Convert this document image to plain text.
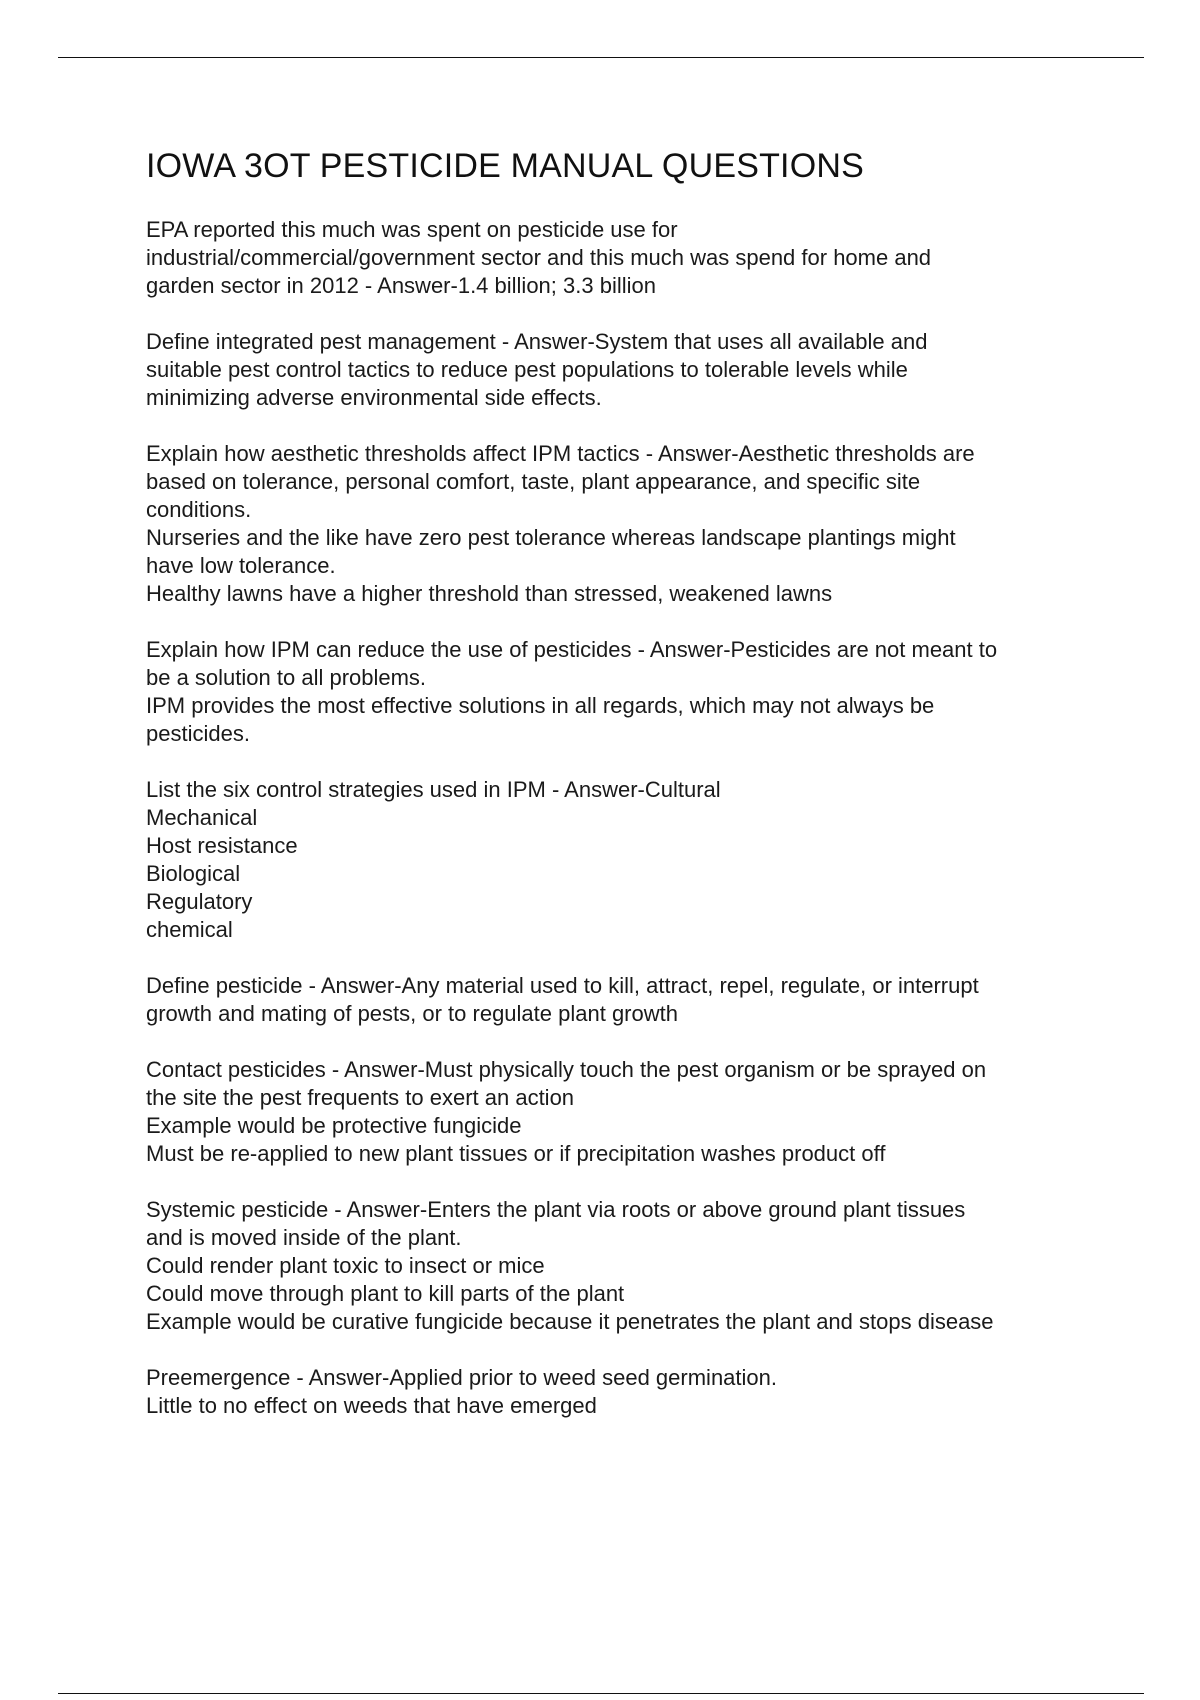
IOWA 3OT PESTICIDE MANUAL QUESTIONS

EPA reported this much was spent on pesticide use for
industrial/commercial/government sector and this much was spend for home and
garden sector in 2012 - Answer-1.4 billion; 3.3 billion

Define integrated pest management - Answer-System that uses all available and
suitable pest control tactics to reduce pest populations to tolerable levels while
minimizing adverse environmental side effects.

Explain how aesthetic thresholds affect IPM tactics - Answer-Aesthetic thresholds are
based on tolerance, personal comfort, taste, plant appearance, and specific site
conditions.
Nurseries and the like have zero pest tolerance whereas landscape plantings might
have low tolerance.
Healthy lawns have a higher threshold than stressed, weakened lawns

Explain how IPM can reduce the use of pesticides - Answer-Pesticides are not meant to
be a solution to all problems.
IPM provides the most effective solutions in all regards, which may not always be
pesticides.

List the six control strategies used in IPM - Answer-Cultural
Mechanical
Host resistance
Biological
Regulatory
chemical

Define pesticide - Answer-Any material used to kill, attract, repel, regulate, or interrupt
growth and mating of pests, or to regulate plant growth

Contact pesticides - Answer-Must physically touch the pest organism or be sprayed on
the site the pest frequents to exert an action
Example would be protective fungicide
Must be re-applied to new plant tissues or if precipitation washes product off

Systemic pesticide - Answer-Enters the plant via roots or above ground plant tissues
and is moved inside of the plant.
Could render plant toxic to insect or mice
Could move through plant to kill parts of the plant
Example would be curative fungicide because it penetrates the plant and stops disease

Preemergence - Answer-Applied prior to weed seed germination.
Little to no effect on weeds that have emerged
